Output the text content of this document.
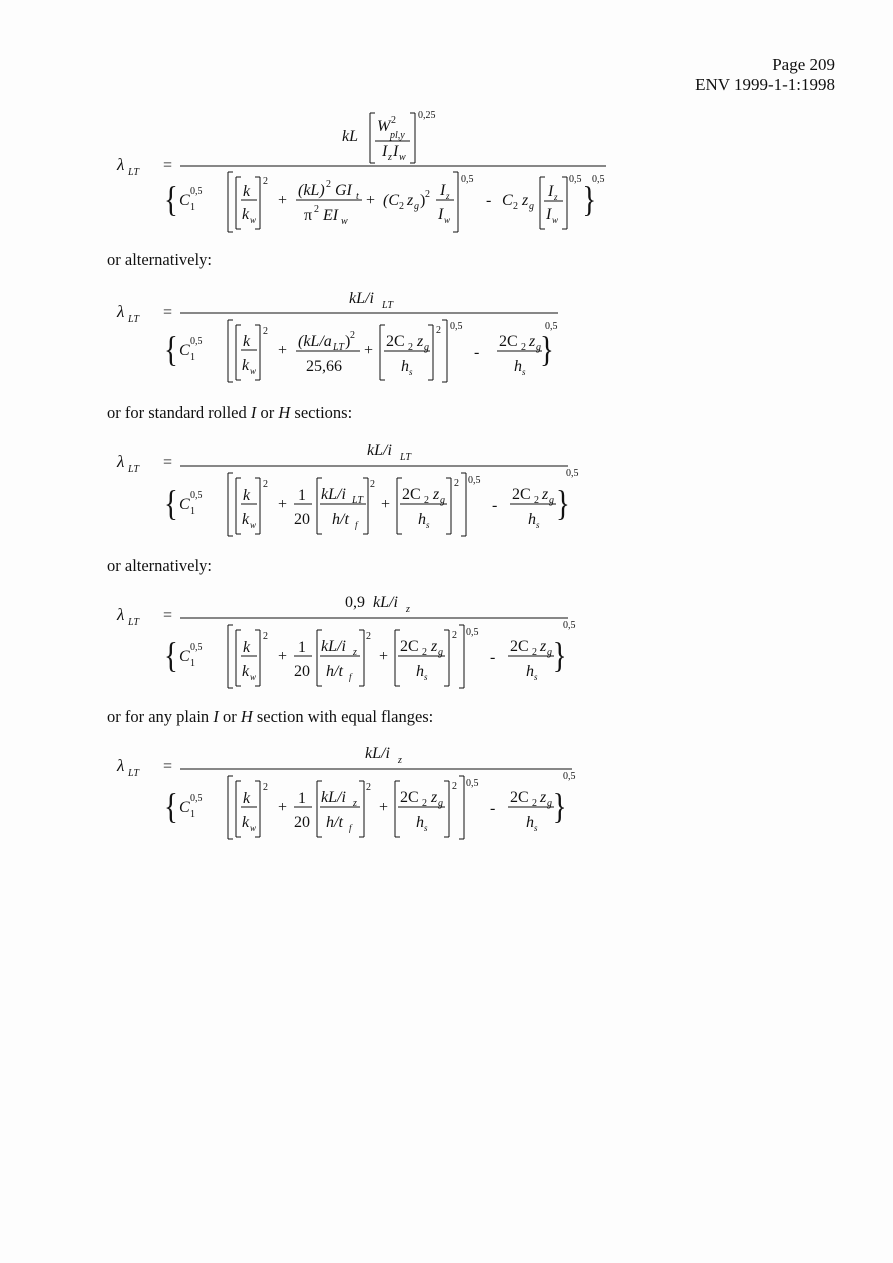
Page 209
ENV 1999-1-1:1998
or alternatively:
or for standard rolled I or H sections:
or alternatively:
or for any plain I or H section with equal flanges:
λ LT =
kL
W 2
pl,y
I z I w
0,25
C 1
0,5
{	k
k w
2
+
(kL) 2 GI t
π 2 EI w
+ (C 2 z g ) 2 I z
I w
0,5
- C 2 z g
I z
I w
0,5
}
0,5
λ LT =
kL/i LT
C 1
0,5
{	k
k w
2
+
(kL/a LT ) 2
25,66
+
2C 2 z g
h s
2 0,5
-
2C 2 z g
h s
}
0,5
λ LT =
kL/i LT
C 1
0,5
{	k
k w
2
+
1
20
kL/i LT
h/t f
2
+
2C 2 z g
h s
2 0,5
-
2C 2 z g
h s
}
0,5
λ LT =
0,9 kL/i z
C 1
0,5
{	k
k w
2
+
1
20
kL/i z
h/t f
2
+
2C 2 z g
h s
2 0,5
-
2C 2 z g
h s
}
0,5
λ LT =
kL/i z
C 1
0,5
{	k
k w
2
+
1
20
kL/i z
h/t f
2
+
2C 2 z g
h s
2 0,5
-
2C 2 z g
h s
}
0,5
